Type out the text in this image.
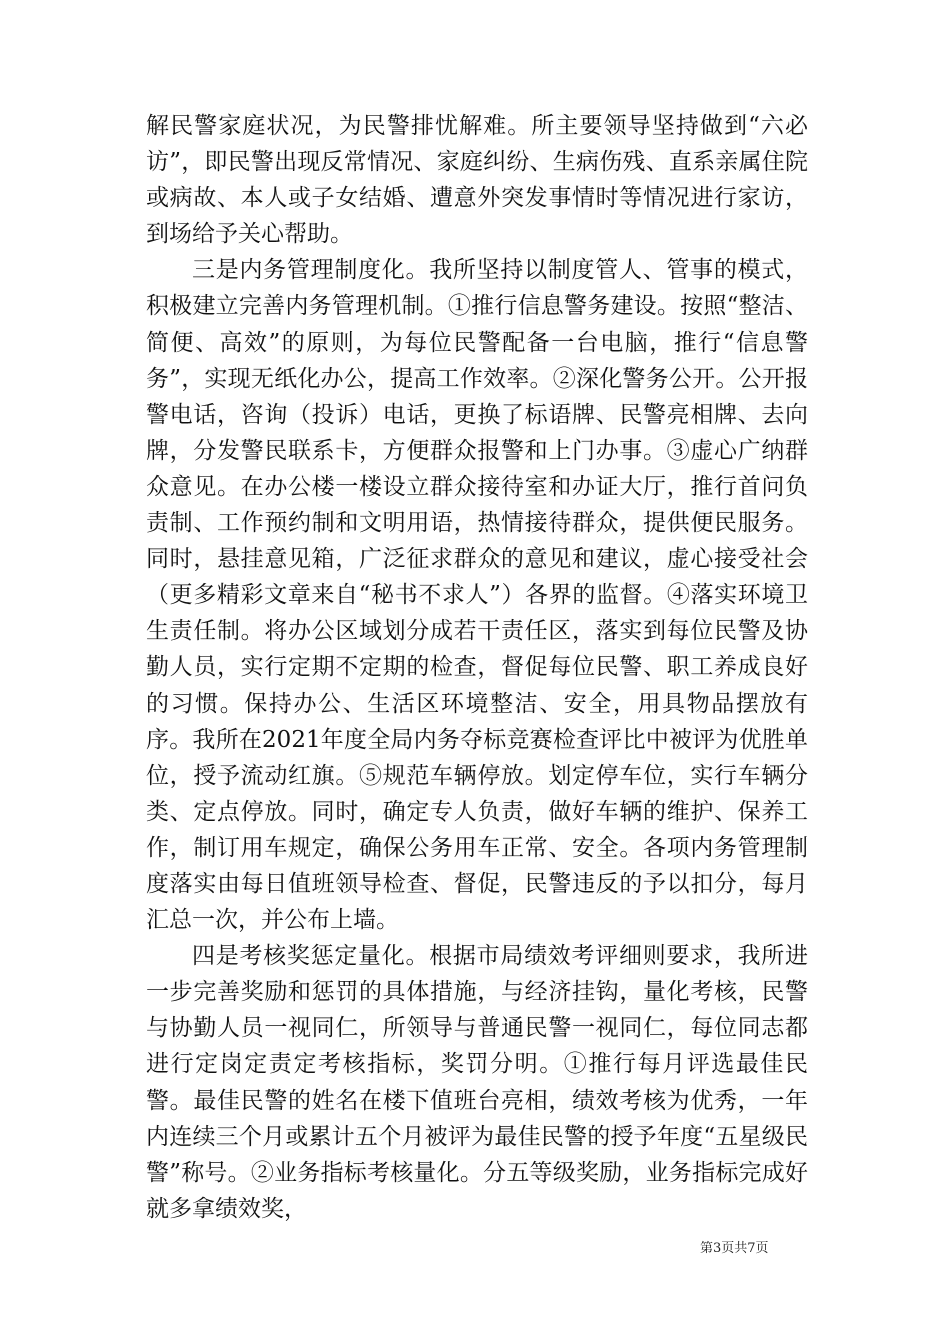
解民警家庭状况，为民警排忧解难。所主要领导坚持做到“六必访”，即民警出现反常情况、家庭纠纷、生病伤残、直系亲属住院或病故、本人或子女结婚、遭意外突发事情时等情况进行家访，到场给予关心帮助。

三是内务管理制度化。我所坚持以制度管人、管事的模式，积极建立完善内务管理机制。①推行信息警务建设。按照“整洁、简便、高效”的原则，为每位民警配备一台电脑，推行“信息警务”，实现无纸化办公，提高工作效率。②深化警务公开。公开报警电话，咨询（投诉）电话，更换了标语牌、民警亮相牌、去向牌，分发警民联系卡，方便群众报警和上门办事。③虚心广纳群众意见。在办公楼一楼设立群众接待室和办证大厅，推行首问负责制、工作预约制和文明用语，热情接待群众，提供便民服务。同时，悬挂意见箱，广泛征求群众的意见和建议，虚心接受社会（更多精彩文章来自“秘书不求人”）各界的监督。④落实环境卫生责任制。将办公区域划分成若干责任区，落实到每位民警及协勤人员，实行定期不定期的检查，督促每位民警、职工养成良好的习惯。保持办公、生活区环境整洁、安全，用具物品摆放有序。我所在2021年度全局内务夺标竞赛检查评比中被评为优胜单位，授予流动红旗。⑤规范车辆停放。划定停车位，实行车辆分类、定点停放。同时，确定专人负责，做好车辆的维护、保养工作，制订用车规定，确保公务用车正常、安全。各项内务管理制度落实由每日值班领导检查、督促，民警违反的予以扣分，每月汇总一次，并公布上墙。

四是考核奖惩定量化。根据市局绩效考评细则要求，我所进一步完善奖励和惩罚的具体措施，与经济挂钩，量化考核，民警与协勤人员一视同仁，所领导与普通民警一视同仁，每位同志都进行定岗定责定考核指标，奖罚分明。①推行每月评选最佳民警。最佳民警的姓名在楼下值班台亮相，绩效考核为优秀，一年内连续三个月或累计五个月被评为最佳民警的授予年度“五星级民警”称号。②业务指标考核量化。分五等级奖励，业务指标完成好就多拿绩效奖，

第3页共7页
